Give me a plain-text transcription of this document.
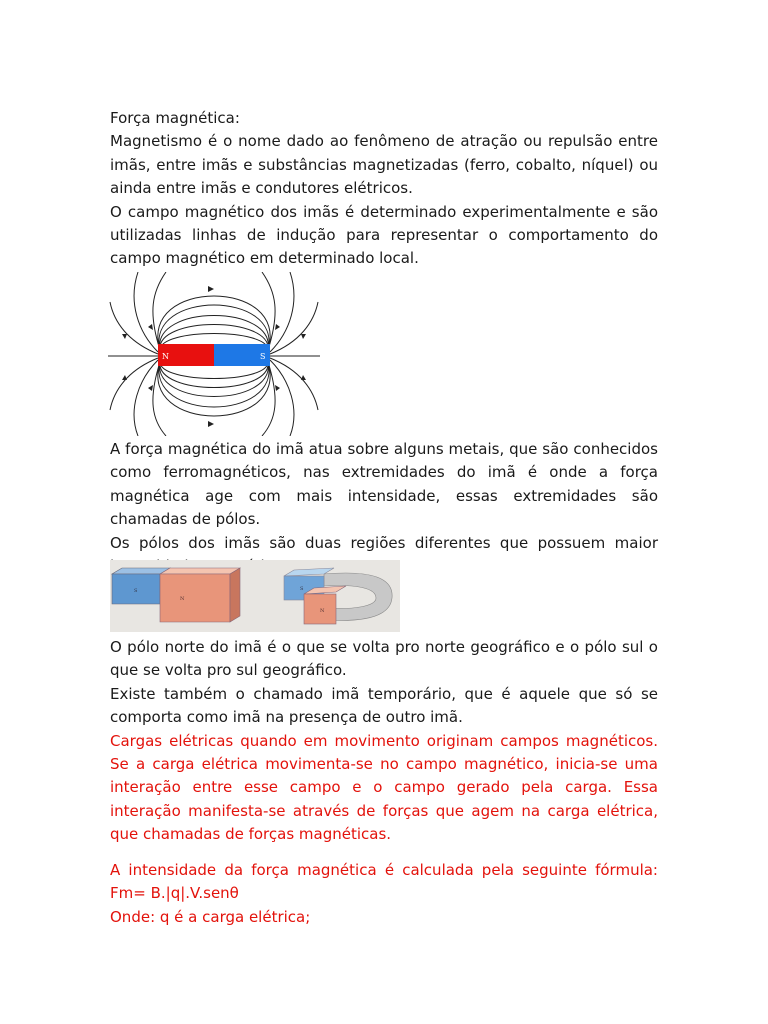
Força magnética:

Magnetismo é o nome dado ao fenômeno de atração ou repulsão entre imãs, entre imãs e substâncias magnetizadas (ferro, cobalto, níquel) ou ainda entre imãs e condutores elétricos.

O campo magnético dos imãs é determinado experimentalmente e são utilizadas linhas de indução para representar o comportamento do campo magnético em determinado local.

N	S

A força magnética do imã atua sobre alguns metais, que são conhecidos como ferromagnéticos, nas extremidades do imã é onde a força magnética age com mais intensidade, essas extremidades são chamadas de pólos.

Os pólos dos imãs são duas regiões diferentes que possuem maior

S
N
S
N

O pólo norte do imã é o que se volta pro norte geográfico e o pólo sul o que se volta pro sul geográfico.

Existe também o chamado imã temporário, que é aquele que só se comporta como imã na presença de outro imã.

Cargas elétricas quando em movimento originam campos magnéticos. Se a carga elétrica movimenta-se no campo magnético, inicia-se uma interação entre esse campo e o campo gerado pela carga. Essa interação manifesta-se através de forças que agem na carga elétrica, que chamadas de forças magnéticas.

A intensidade da força magnética é calculada pela seguinte fórmula: Fm= B.|q|.V.senθ

Onde: q é a carga elétrica;
